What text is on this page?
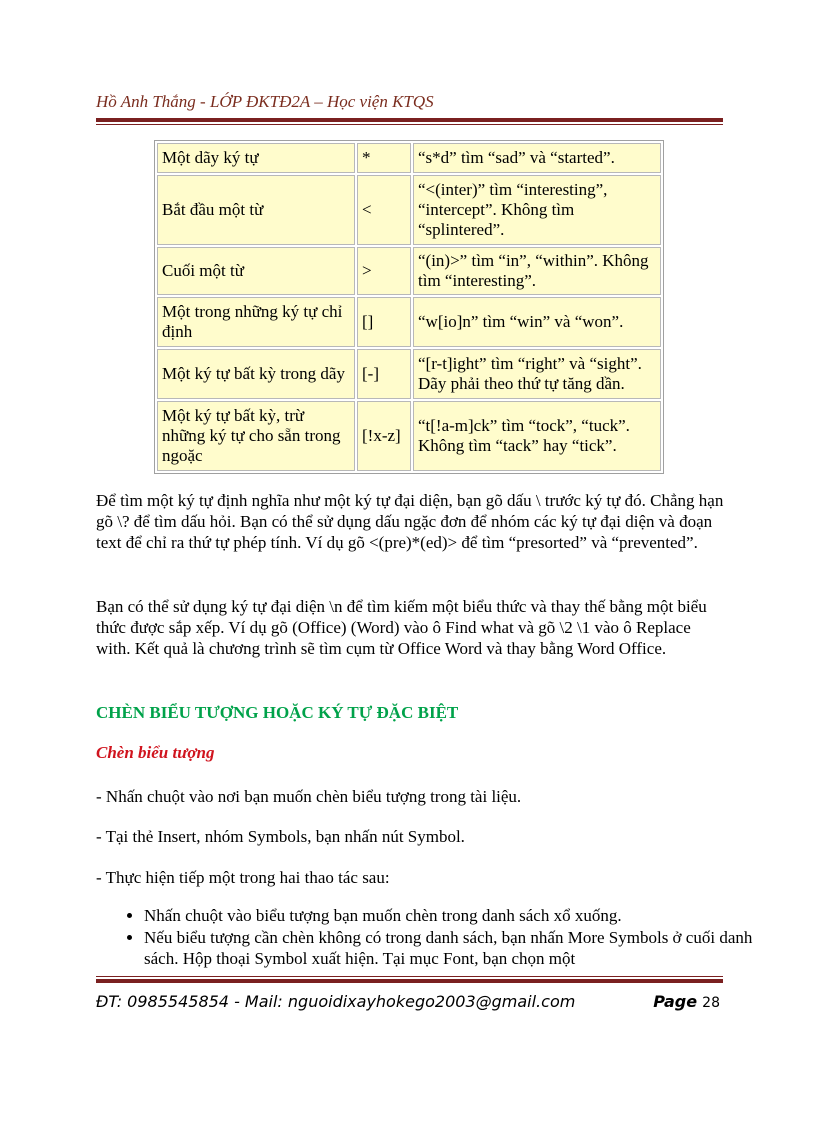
Hồ Anh Thắng - LỚP ĐKTĐ2A – Học viện KTQS
Một dãy ký tự	*	“s*d” tìm “sad” và “started”.
Bắt đầu một từ	<	“<(inter)” tìm “interesting”, “intercept”. Không tìm “splintered”.
Cuối một từ	>	“(in)>” tìm “in”, “within”. Không tìm “interesting”.
Một trong những ký tự chỉ định	[]	“w[io]n” tìm “win” và “won”.
Một ký tự bất kỳ trong dãy	[-]	“[r-t]ight” tìm “right” và “sight”. Dãy phải theo thứ tự tăng dần.
Một ký tự bất kỳ, trừ những ký tự cho sẵn trong ngoặc	[!x-z]	“t[!a-m]ck” tìm “tock”, “tuck”. Không tìm “tack” hay “tick”.

Để tìm một ký tự định nghĩa như một ký tự đại diện, bạn gõ dấu \ trước ký tự đó. Chẳng hạn gõ \? để tìm dấu hỏi. Bạn có thể sử dụng dấu ngặc đơn để nhóm các ký tự đại diện và đoạn text để chỉ ra thứ tự phép tính. Ví dụ gõ <(pre)*(ed)> để tìm “presorted” và “prevented”.

Bạn có thể sử dụng ký tự đại diện \n để tìm kiếm một biểu thức và thay thế bằng một biểu thức được sắp xếp. Ví dụ gõ (Office) (Word) vào ô Find what và gõ \2 \1 vào ô Replace with. Kết quả là chương trình sẽ tìm cụm từ Office Word và thay bằng Word Office.

CHÈN BIỂU TƯỢNG HOẶC KÝ TỰ ĐẶC BIỆT
Chèn biểu tượng

- Nhấn chuột vào nơi bạn muốn chèn biểu tượng trong tài liệu.

- Tại thẻ Insert, nhóm Symbols, bạn nhấn nút Symbol.

- Thực hiện tiếp một trong hai thao tác sau:

• Nhấn chuột vào biểu tượng bạn muốn chèn trong danh sách xổ xuống.
• Nếu biểu tượng cần chèn không có trong danh sách, bạn nhấn More Symbols ở cuối danh sách. Hộp thoại Symbol xuất hiện. Tại mục Font, bạn chọn một
ĐT: 0985545854 - Mail: nguoidixayhokego2003@gmail.com	Page 28
